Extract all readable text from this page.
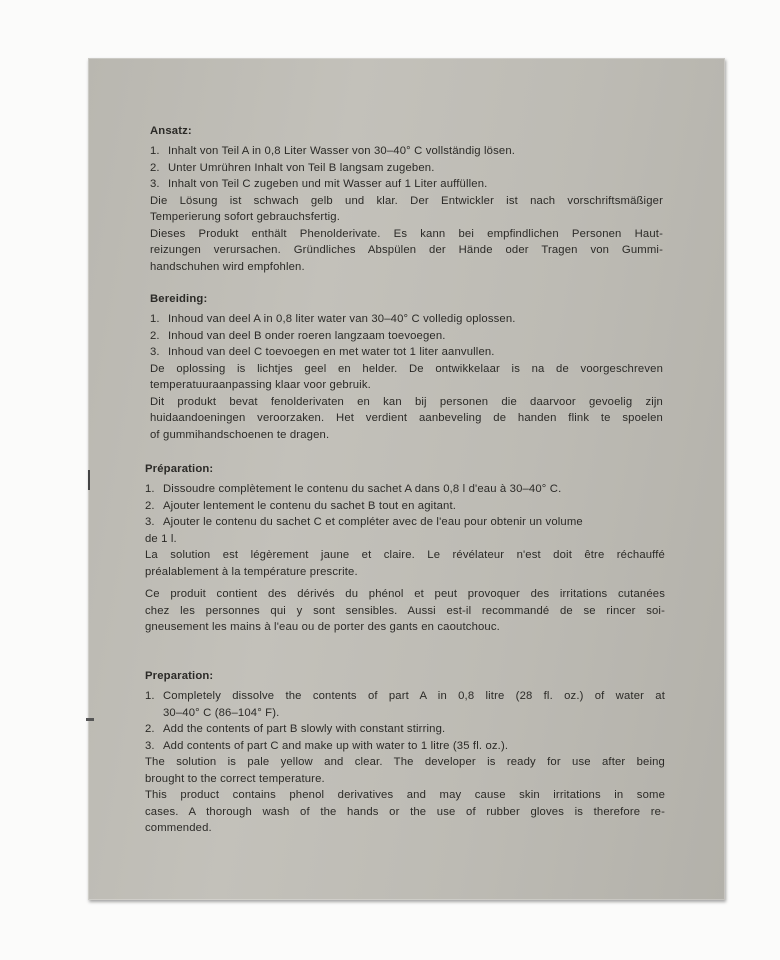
Ansatz:
1. Inhalt von Teil A in 0,8 Liter Wasser von 30–40° C vollständig lösen.
2. Unter Umrühren Inhalt von Teil B langsam zugeben.
3. Inhalt von Teil C zugeben und mit Wasser auf 1 Liter auffüllen.
Die Lösung ist schwach gelb und klar. Der Entwickler ist nach vorschriftsmäßiger
Temperierung sofort gebrauchsfertig.
Dieses Produkt enthält Phenolderivate. Es kann bei empfindlichen Personen Haut-
reizungen verursachen. Gründliches Abspülen der Hände oder Tragen von Gummi-
handschuhen wird empfohlen.
Bereiding:
1. Inhoud van deel A in 0,8 liter water van 30–40° C volledig oplossen.
2. Inhoud van deel B onder roeren langzaam toevoegen.
3. Inhoud van deel C toevoegen en met water tot 1 liter aanvullen.
De oplossing is lichtjes geel en helder. De ontwikkelaar is na de voorgeschreven
temperatuuraanpassing klaar voor gebruik.
Dit produkt bevat fenolderivaten en kan bij personen die daarvoor gevoelig zijn
huidaandoeningen veroorzaken. Het verdient aanbeveling de handen flink te spoelen
of gummihandschoenen te dragen.
Préparation:
1. Dissoudre complètement le contenu du sachet A dans 0,8 l d'eau à 30–40° C.
2. Ajouter lentement le contenu du sachet B tout en agitant.
3. Ajouter le contenu du sachet C et compléter avec de l'eau pour obtenir un volume
de 1 l.
La solution est légèrement jaune et claire. Le révélateur n'est doit être réchauffé
préalablement à la température prescrite.
Ce produit contient des dérivés du phénol et peut provoquer des irritations cutanées
chez les personnes qui y sont sensibles. Aussi est-il recommandé de se rincer soi-
gneusement les mains à l'eau ou de porter des gants en caoutchouc.
Preparation:
1. Completely dissolve the contents of part A in 0,8 litre (28 fl. oz.) of water at
30–40° C (86–104° F).
2. Add the contents of part B slowly with constant stirring.
3. Add contents of part C and make up with water to 1 litre (35 fl. oz.).
The solution is pale yellow and clear. The developer is ready for use after being
brought to the correct temperature.
This product contains phenol derivatives and may cause skin irritations in some
cases. A thorough wash of the hands or the use of rubber gloves is therefore re-
commended.
